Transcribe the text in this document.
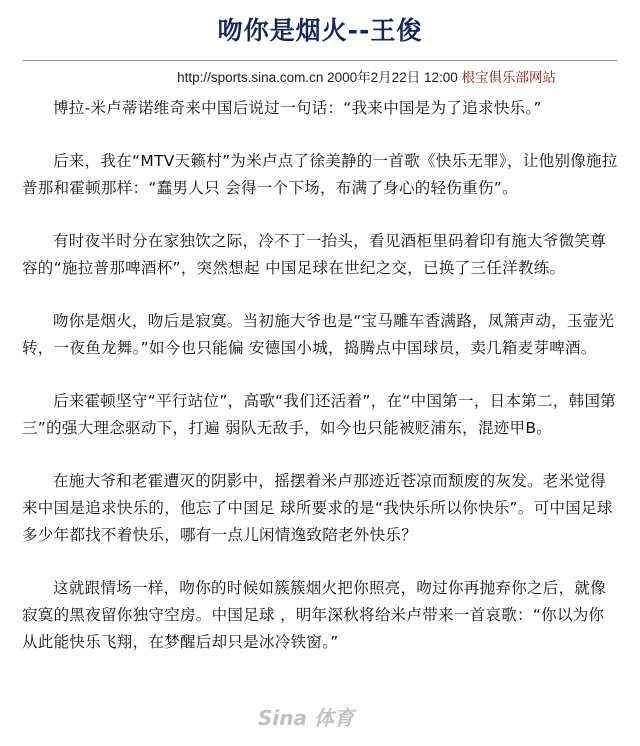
吻你是烟火--王俊
http://sports.sina.com.cn 2000年2月22日 12:00 根宝俱乐部网站

博拉-米卢蒂诺维奇来中国后说过一句话：“我来中国是为了追求快乐。”

后来，我在“MTV天籁村”为米卢点了徐美静的一首歌《快乐无罪》，让他别像施拉普那和霍顿那样：“蠢男人只 会得一个下场，布满了身心的轻伤重伤”。

有时夜半时分在家独饮之际，冷不丁一抬头，看见酒柜里码着印有施大爷微笑尊容的“施拉普那啤酒杯”，突然想起 中国足球在世纪之交，已换了三任洋教练。

吻你是烟火，吻后是寂寞。当初施大爷也是“宝马雕车香满路，凤箫声动，玉壶光转，一夜鱼龙舞。”如今也只能偏 安德国小城，捣腾点中国球员，卖几箱麦芽啤酒。

后来霍顿坚守“平行站位”，高歌“我们还活着”，在“中国第一，日本第二，韩国第三”的强大理念驱动下，打遍 弱队无敌手，如今也只能被贬浦东，混迹甲B。

在施大爷和老霍遭灭的阴影中，摇摆着米卢那迹近苍凉而颓废的灰发。老米觉得来中国是追求快乐的，他忘了中国足 球所要求的是“我快乐所以你快乐”。可中国足球多少年都找不着快乐，哪有一点儿闲情逸致陪老外快乐？

这就跟情场一样，吻你的时候如簇簇烟火把你照亮，吻过你再抛弃你之后，就像寂寞的黑夜留你独守空房。中国足球 ，明年深秋将给米卢带来一首哀歌：“你以为你从此能快乐飞翔，在梦醒后却只是冰冷铁窗。”

Sina 体育
